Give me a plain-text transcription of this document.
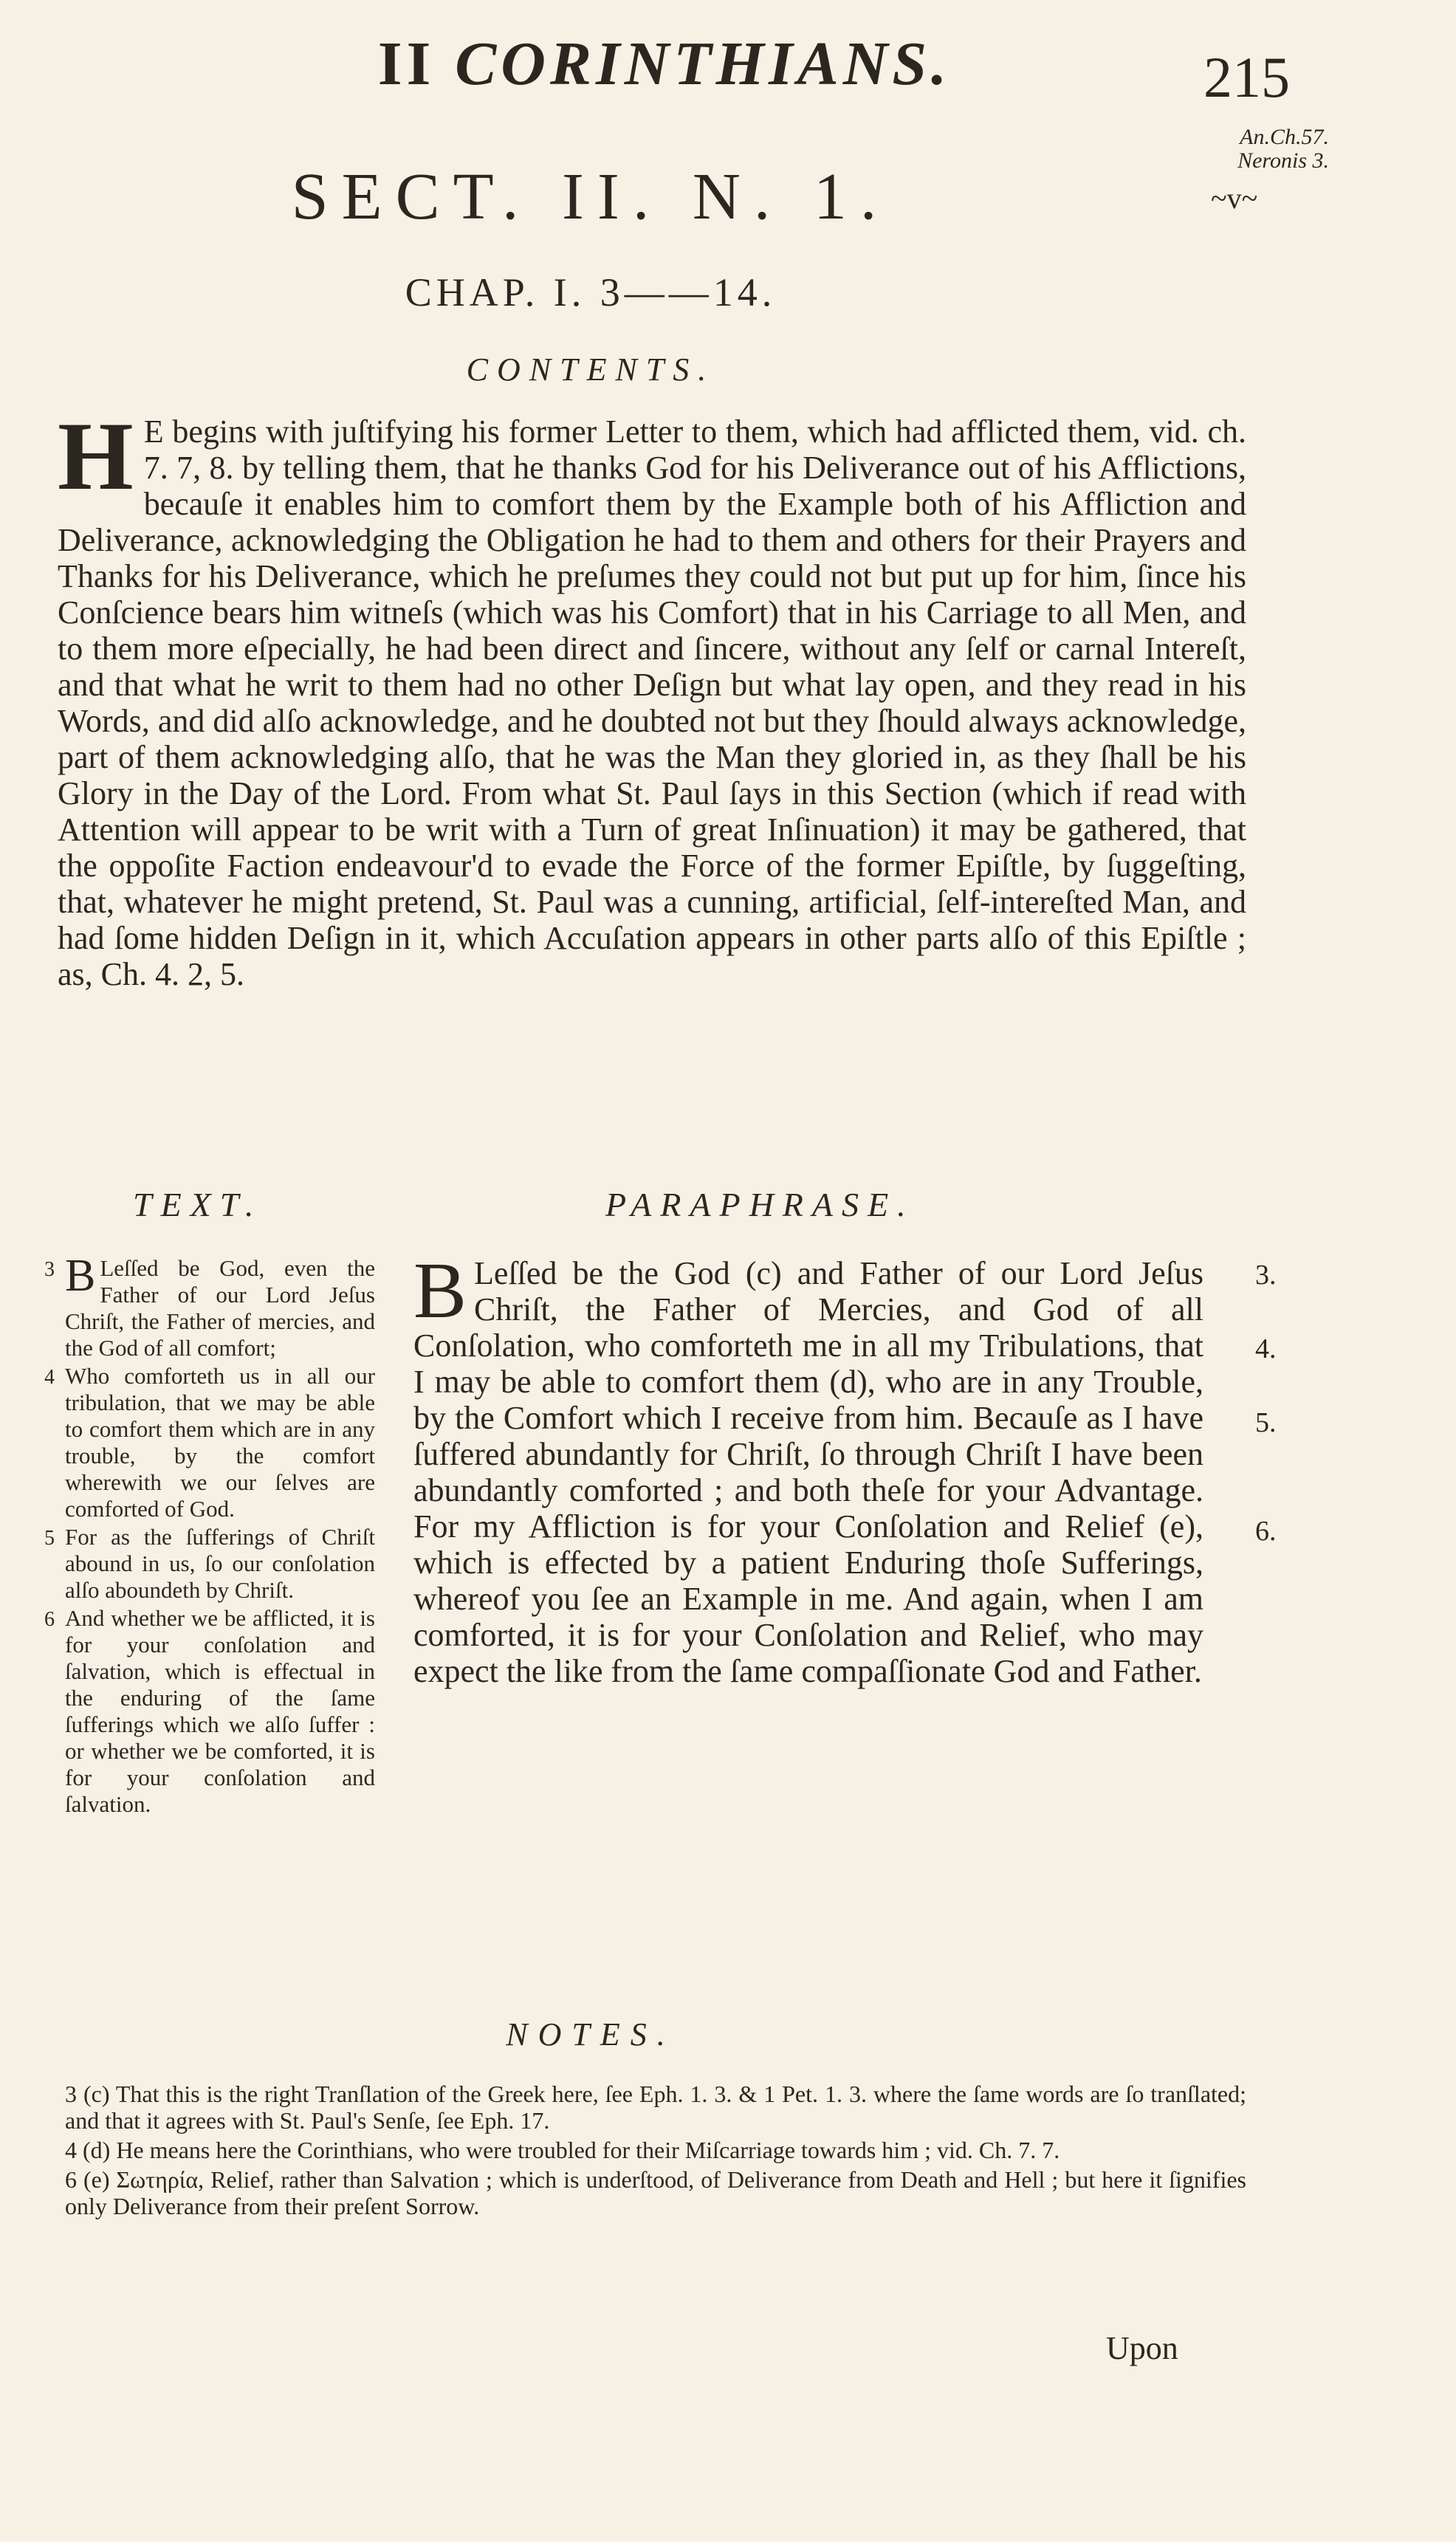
II CORINTHIANS.	215
An.Ch.57.
Neronis 3.
~v~
SECT. II. N. 1.
CHAP. I. 3——14.
CONTENTS.
H E begins with juſtifying his former Letter to them, which had afflicted them, vid. ch. 7. 7, 8. by telling them, that he thanks God for his Deliverance out of his Afflictions, becauſe it enables him to comfort them by the Example both of his Affliction and Deliverance, acknowledging the Obligation he had to them and others for their Prayers and Thanks for his Deliverance, which he preſumes they could not but put up for him, ſince his Conſcience bears him witneſs (which was his Comfort) that in his Carriage to all Men, and to them more eſpecially, he had been direct and ſincere, without any ſelf or carnal Intereſt, and that what he writ to them had no other Deſign but what lay open, and they read in his Words, and did alſo acknowledge, and he doubted not but they ſhould always acknowledge, part of them acknowledging alſo, that he was the Man they gloried in, as they ſhall be his Glory in the Day of the Lord. From what St. Paul ſays in this Section (which if read with Attention will appear to be writ with a Turn of great Inſinuation) it may be gathered, that the oppoſite Faction endeavour'd to evade the Force of the former Epiſtle, by ſuggeſting, that, whatever he might pretend, St. Paul was a cunning, artificial, ſelf-intereſted Man, and had ſome hidden Deſign in it, which Accuſation appears in other parts alſo of this Epiſtle ; as, Ch. 4. 2, 5.
TEXT.	PARAPHRASE.
3 B Leſſed be God, even the Father of our Lord Jeſus Chriſt, the Father of mercies, and the God of all comfort;
4 Who comforteth us in all our tribulation, that we may be able to comfort them which are in any trouble, by the comfort wherewith we our ſelves are comforted of God.
5 For as the ſufferings of Chriſt abound in us, ſo our conſolation alſo aboundeth by Chriſt.
6 And whether we be afflicted, it is for your conſolation and ſalvation, which is effectual in the enduring of the ſame ſufferings which we alſo ſuffer : or whether we be comforted, it is for your conſolation and ſalvation.
B Leſſed be the God (c) and Father of our Lord Jeſus Chriſt, the Father of Mercies, and God of all Conſolation, who comforteth me in all my Tribulations, that I may be able to comfort them (d), who are in any Trouble, by the Comfort which I receive from him. Becauſe as I have ſuffered abundantly for Chriſt, ſo through Chriſt I have been abundantly comforted ; and both theſe for your Advantage. For my Affliction is for your Conſolation and Relief (e), which is effected by a patient Enduring thoſe Sufferings, whereof you ſee an Example in me. And again, when I am comforted, it is for your Conſolation and Relief, who may expect the like from the ſame compaſſionate God and Father.
3.
4.
5.
6.
NOTES.
3 (c) That this is the right Tranſlation of the Greek here, ſee Eph. 1. 3. & 1 Pet. 1. 3. where the ſame words are ſo tranſlated; and that it agrees with St. Paul's Senſe, ſee Eph. 17.
4 (d) He means here the Corinthians, who were troubled for their Miſcarriage towards him ; vid. Ch. 7. 7.
6 (e) Σωτηρία, Relief, rather than Salvation ; which is underſtood, of Deliverance from Death and Hell ; but here it ſignifies only Deliverance from their preſent Sorrow.
Upon
